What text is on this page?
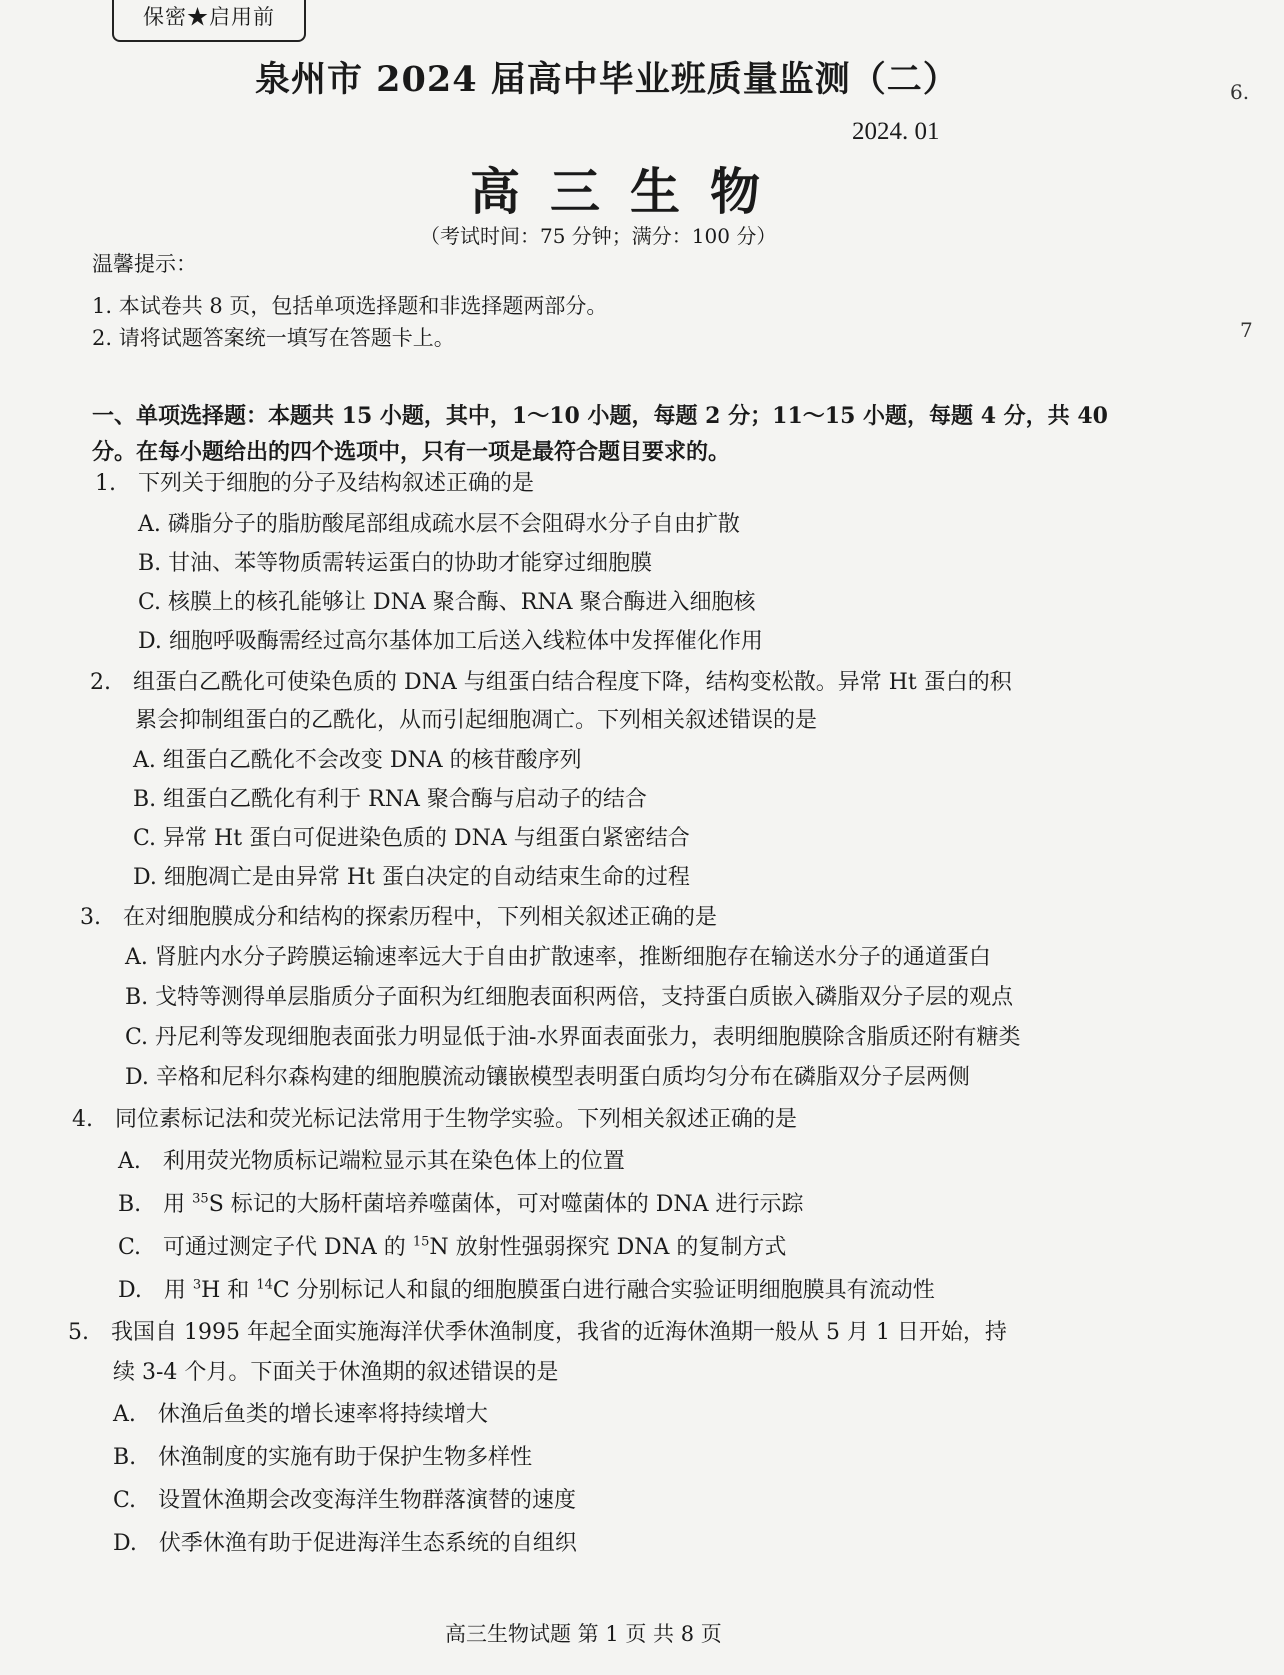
保密★启用前
泉州市 2024 届高中毕业班质量监测（二）
2024. 01
高三生物
（考试时间：75 分钟；满分：100 分）
6.
7
温馨提示：
1. 本试卷共 8 页，包括单项选择题和非选择题两部分。
2. 请将试题答案统一填写在答题卡上。
一、单项选择题：本题共 15 小题，其中，1～10 小题，每题 2 分；11～15 小题，每题 4 分，共 40 分。在每小题给出的四个选项中，只有一项是最符合题目要求的。
1.　下列关于细胞的分子及结构叙述正确的是
A. 磷脂分子的脂肪酸尾部组成疏水层不会阻碍水分子自由扩散
B. 甘油、苯等物质需转运蛋白的协助才能穿过细胞膜
C. 核膜上的核孔能够让 DNA 聚合酶、RNA 聚合酶进入细胞核
D. 细胞呼吸酶需经过高尔基体加工后送入线粒体中发挥催化作用
2.　组蛋白乙酰化可使染色质的 DNA 与组蛋白结合程度下降，结构变松散。异常 Ht 蛋白的积
累会抑制组蛋白的乙酰化，从而引起细胞凋亡。下列相关叙述错误的是
A. 组蛋白乙酰化不会改变 DNA 的核苷酸序列
B. 组蛋白乙酰化有利于 RNA 聚合酶与启动子的结合
C. 异常 Ht 蛋白可促进染色质的 DNA 与组蛋白紧密结合
D. 细胞凋亡是由异常 Ht 蛋白决定的自动结束生命的过程
3.　在对细胞膜成分和结构的探索历程中，下列相关叙述正确的是
A. 肾脏内水分子跨膜运输速率远大于自由扩散速率，推断细胞存在输送水分子的通道蛋白
B. 戈特等测得单层脂质分子面积为红细胞表面积两倍，支持蛋白质嵌入磷脂双分子层的观点
C. 丹尼利等发现细胞表面张力明显低于油-水界面表面张力，表明细胞膜除含脂质还附有糖类
D. 辛格和尼科尔森构建的细胞膜流动镶嵌模型表明蛋白质均匀分布在磷脂双分子层两侧
4.　同位素标记法和荧光标记法常用于生物学实验。下列相关叙述正确的是
A.　利用荧光物质标记端粒显示其在染色体上的位置
B.　用 $^{35}$S 标记的大肠杆菌培养噬菌体，可对噬菌体的 DNA 进行示踪
C.　可通过测定子代 DNA 的 $^{15}$N 放射性强弱探究 DNA 的复制方式
D.　用 $^3$H 和 $^{14}$C 分别标记人和鼠的细胞膜蛋白进行融合实验证明细胞膜具有流动性
5.　我国自 1995 年起全面实施海洋伏季休渔制度，我省的近海休渔期一般从 5 月 1 日开始，持
续 3-4 个月。下面关于休渔期的叙述错误的是
A.　休渔后鱼类的增长速率将持续增大
B.　休渔制度的实施有助于保护生物多样性
C.　设置休渔期会改变海洋生物群落演替的速度
D.　伏季休渔有助于促进海洋生态系统的自组织
高三生物试题 第 1 页 共 8 页
